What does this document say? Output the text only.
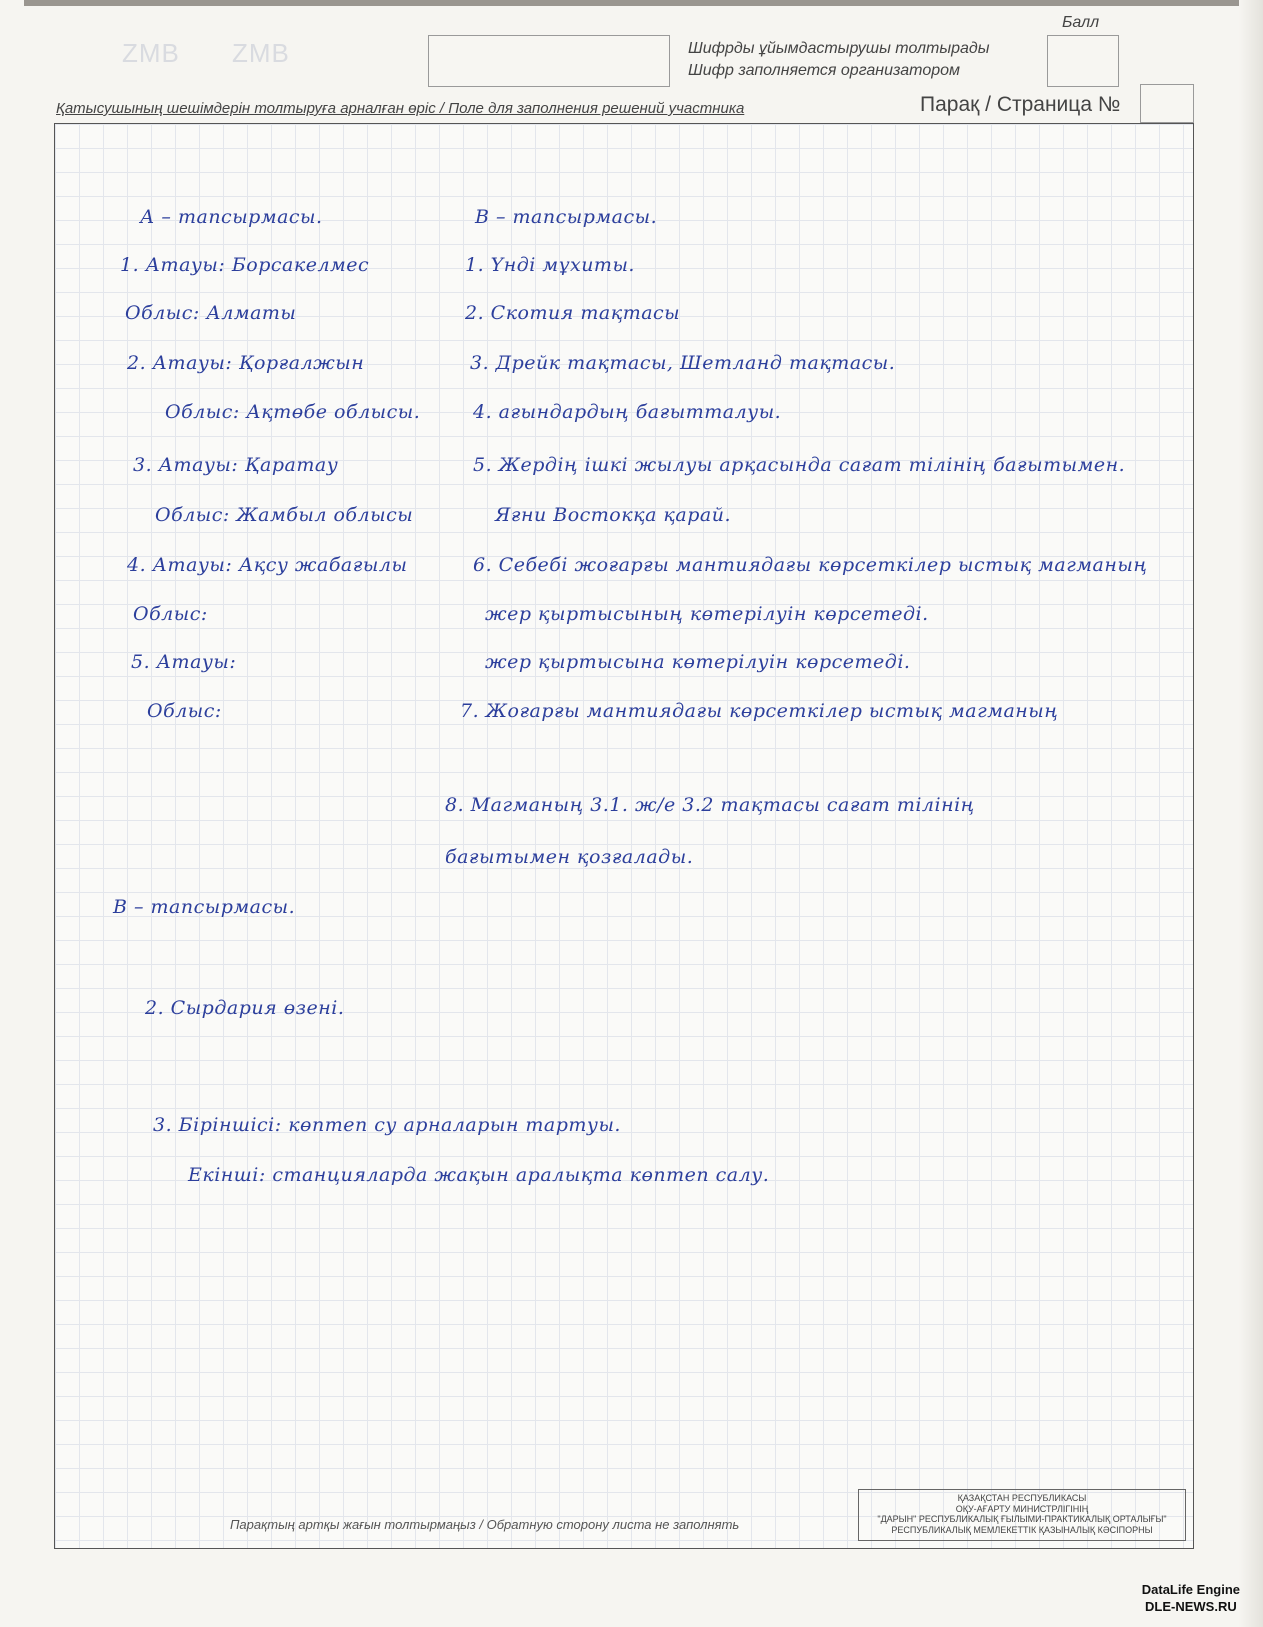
ZMB ZMB	Шифрды ұйымдастырушы толтырады
Шифр заполняется организатором
Балл
Қатысушының шешімдерін толтыруға арналған өріс / Поле для заполнения решений участника	Парақ / Страница №
А – тапсырмасы.
1. Атауы: Борсакелмес
Облыс: Алматы
2. Атауы: Қорғалжын
Облыс: Ақтөбе облысы.
3. Атауы: Қаратау
Облыс: Жамбыл облысы
4. Атауы: Ақсу жабағылы
Облыс:
5. Атауы:
Облыс:
В – тапсырмасы.
1. Үнді мұхиты.
2. Скотия тақтасы
3. Дрейк тақтасы, Шетланд тақтасы.
4. ағындардың бағытталуы.
5. Жердің ішкі жылуы арқасында сағат тілінің бағытымен.
Яғни Востокқа қарай.
6. Себебі жоғарғы мантиядағы көрсеткілер ыстық магманың
жер қыртысының көтерілуін көрсетеді.
жер қыртысына көтерілуін көрсетеді.
7. Жоғарғы мантиядағы көрсеткілер ыстық магманың
8. Магманың 3.1. ж/е 3.2 тақтасы сағат тілінің
бағытымен қозғалады.
В – тапсырмасы.
2. Сырдария өзені.
3. Біріншісі: көптеп су арналарын тартуы.
Екінші: станцияларда жақын аралықта көптеп салу.
Парақтың артқы жағын толтырмаңыз / Обратную сторону листа не заполнять
ҚАЗАҚСТАН РЕСПУБЛИКАСЫ
ОҚУ-АҒАРТУ МИНИСТРЛІГІНІҢ
"ДАРЫН" РЕСПУБЛИКАЛЫҚ ҒЫЛЫМИ-ПРАКТИКАЛЫҚ ОРТАЛЫҒЫ"
РЕСПУБЛИКАЛЫҚ МЕМЛЕКЕТТІК ҚАЗЫНАЛЫҚ КӘСІПОРНЫ
DataLife Engine
DLE-NEWS.RU
